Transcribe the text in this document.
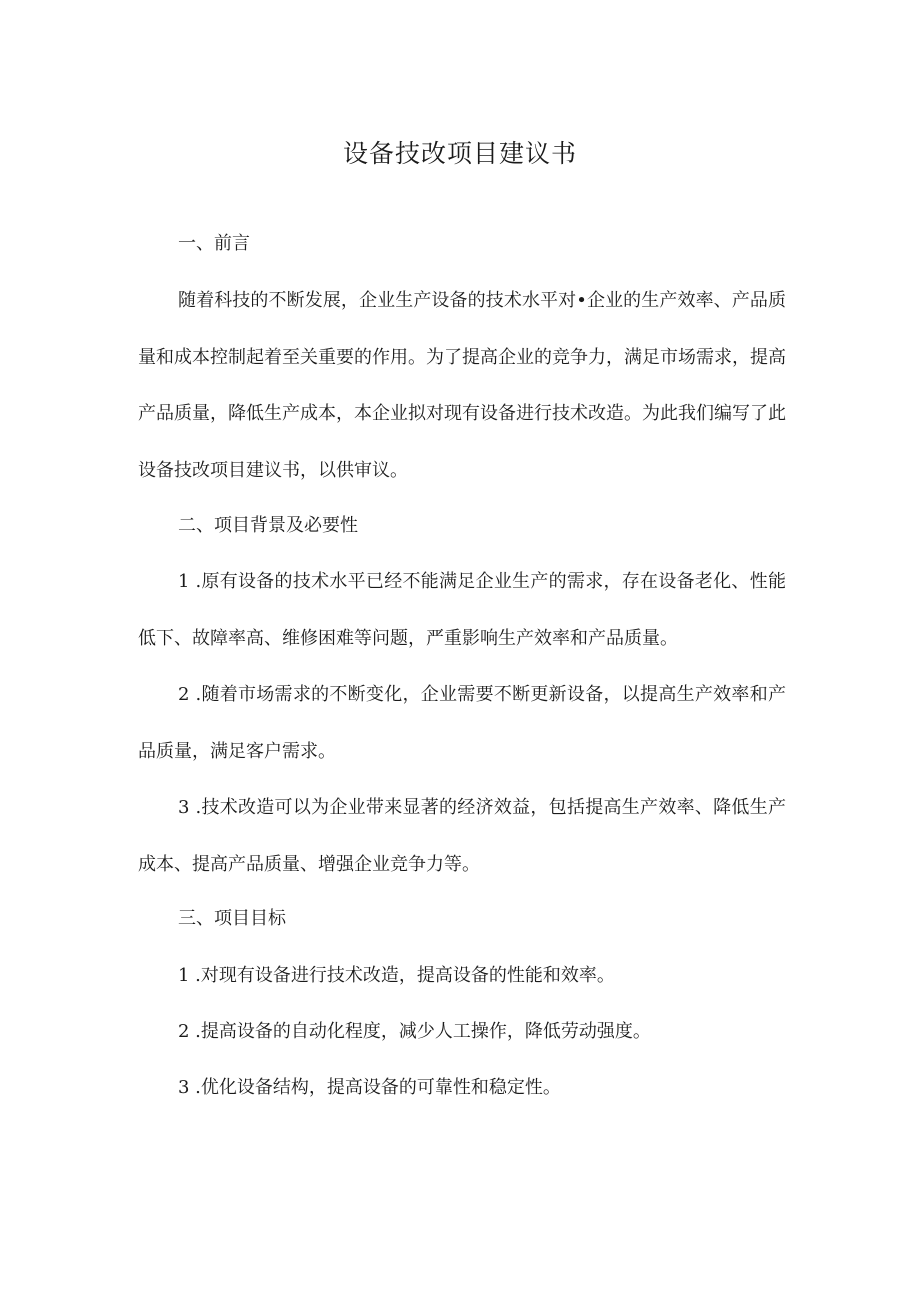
设备技改项目建议书
一、前言
随着科技的不断发展，企业生产设备的技术水平对•企业的生产效率、产品质量和成本控制起着至关重要的作用。为了提高企业的竞争力，满足市场需求，提高产品质量，降低生产成本，本企业拟对现有设备进行技术改造。为此我们编写了此设备技改项目建议书，以供审议。
二、项目背景及必要性
1 .原有设备的技术水平已经不能满足企业生产的需求，存在设备老化、性能低下、故障率高、维修困难等问题，严重影响生产效率和产品质量。
2 .随着市场需求的不断变化，企业需要不断更新设备，以提高生产效率和产品质量，满足客户需求。
3 .技术改造可以为企业带来显著的经济效益，包括提高生产效率、降低生产成本、提高产品质量、增强企业竞争力等。
三、项目目标
1 .对现有设备进行技术改造，提高设备的性能和效率。
2 .提高设备的自动化程度，减少人工操作，降低劳动强度。
3 .优化设备结构，提高设备的可靠性和稳定性。
